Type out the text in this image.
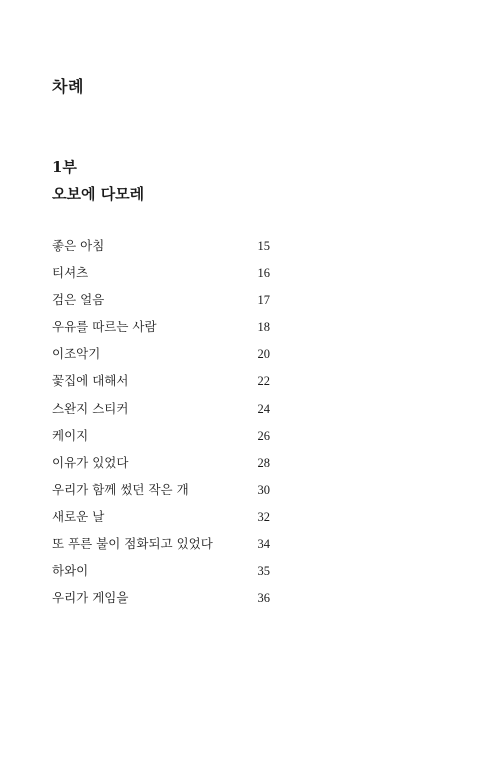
차례
1부
오보에 다모레
좋은 아침	15
티셔츠	16
검은 얼음	17
우유를 따르는 사람	18
이조악기	20
꽃집에 대해서	22
스완지 스티커	24
케이지	26
이유가 있었다	28
우리가 함께 썼던 작은 개	30
새로운 날	32
또 푸른 불이 점화되고 있었다	34
하와이	35
우리가 게임을	36
